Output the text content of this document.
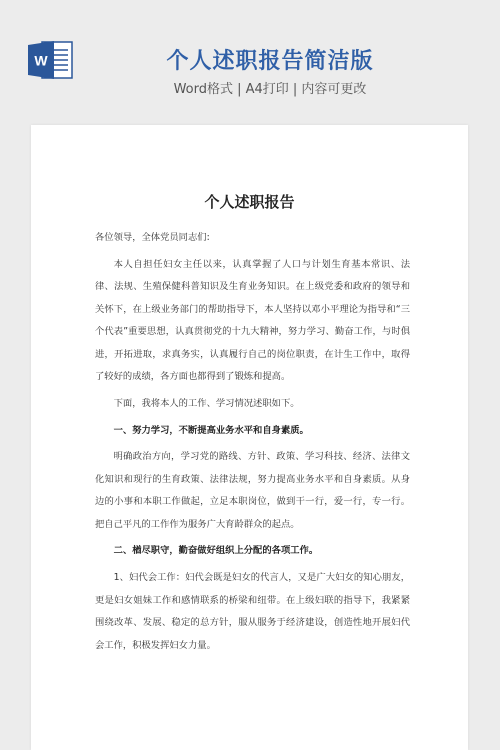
W	个人述职报告简洁版
Word格式 | A4打印 | 内容可更改
个人述职报告

各位领导，全体党员同志们:

本人自担任妇女主任以来，认真掌握了人口与计划生育基本常识、法律、法规、生殖保健科普知识及生育业务知识。在上级党委和政府的领导和关怀下，在上级业务部门的帮助指导下，本人坚持以邓小平理论为指导和“三个代表”重要思想，认真贯彻党的十九大精神，努力学习、勤奋工作，与时俱进，开拓进取，求真务实，认真履行自己的岗位职责，在计生工作中，取得了较好的成绩，各方面也都得到了锻炼和提高。

下面，我将本人的工作、学习情况述职如下。

一、努力学习，不断提高业务水平和自身素质。

明确政治方向，学习党的路线、方针、政策、学习科技、经济、法律文化知识和现行的生育政策、法律法规，努力提高业务水平和自身素质。从身边的小事和本职工作做起，立足本职岗位，做到干一行，爱一行，专一行。把自己平凡的工作作为服务广大育龄群众的起点。

二、楢尽职守，勤奋做好组织上分配的各项工作。

1、妇代会工作：妇代会既是妇女的代言人，又是广大妇女的知心朋友，更是妇女姐妹工作和感情联系的桥梁和纽带。在上级妇联的指导下，我紧紧围绕改革、发展、稳定的总方针，服从服务于经济建设，创造性地开展妇代会工作，积极发挥妇女力量。
